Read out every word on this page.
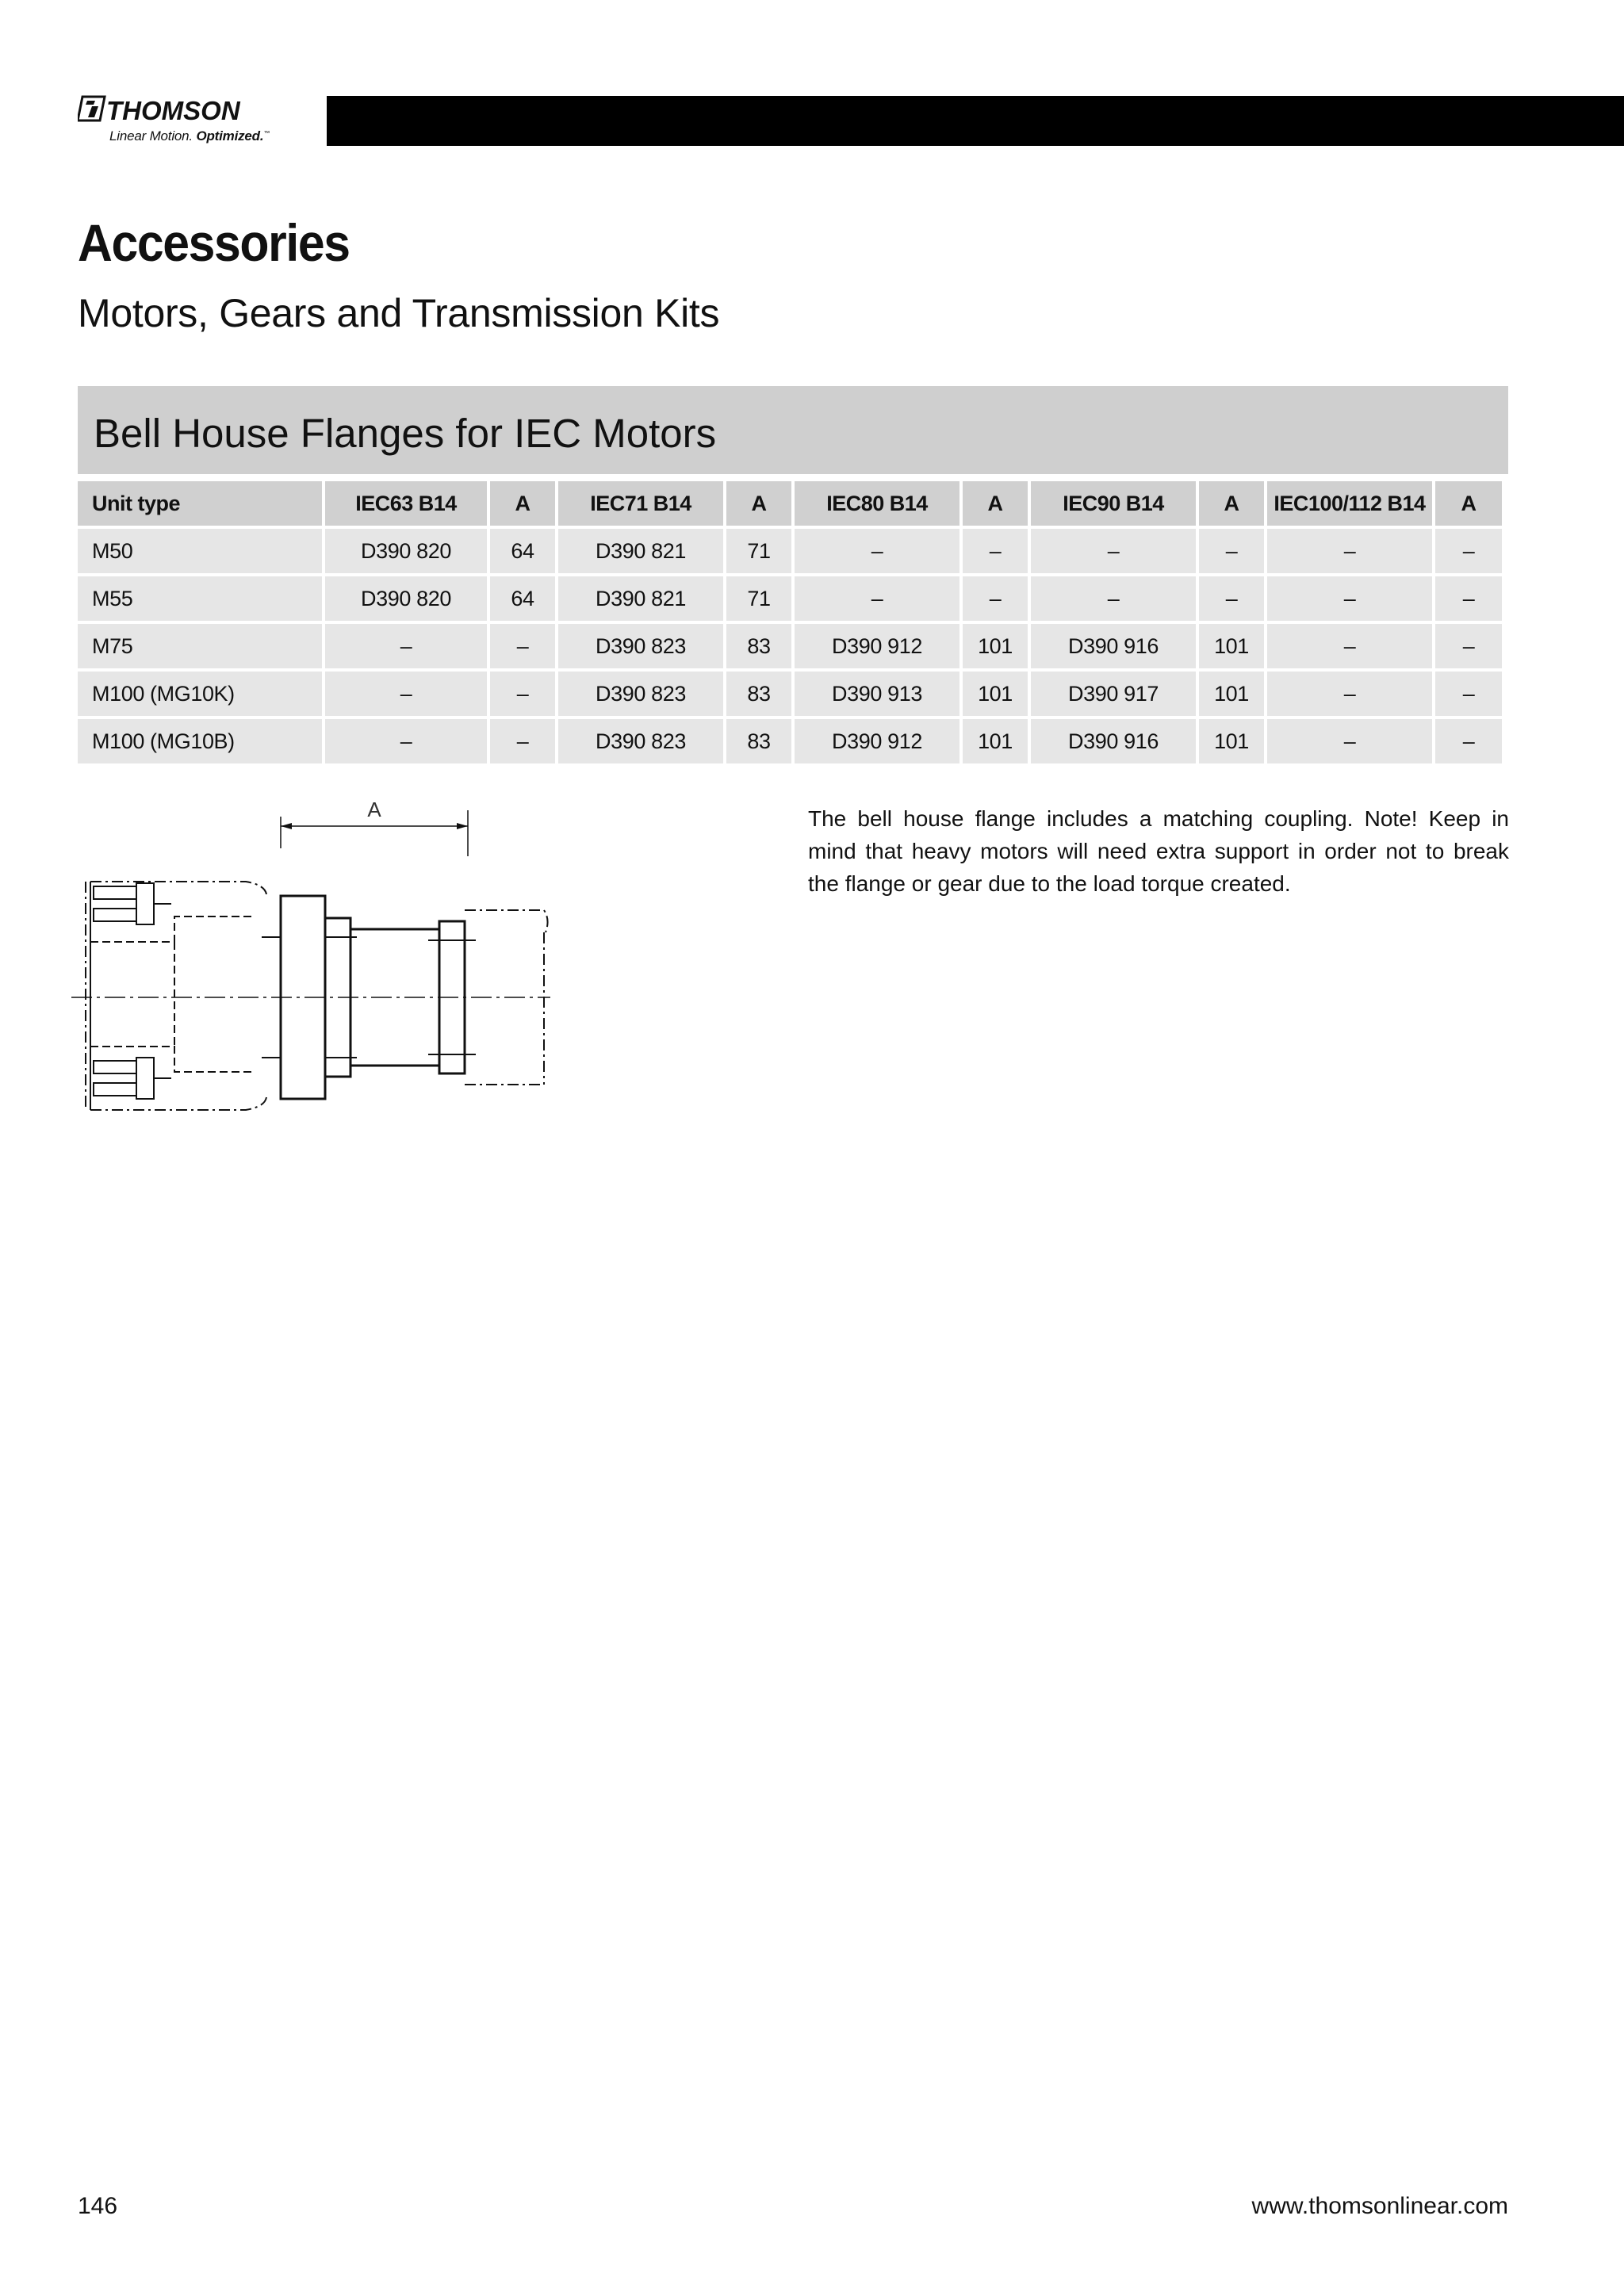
THOMSON
Linear Motion. Optimized.™
Accessories
Motors, Gears and Transmission Kits
Bell House Flanges for IEC Motors
Unit type	IEC63 B14	A	IEC71 B14	A	IEC80 B14	A	IEC90 B14	A	IEC100/112 B14	A
M50	D390 820	64	D390 821	71	–	–	–	–	–	–
M55	D390 820	64	D390 821	71	–	–	–	–	–	–
M75	–	–	D390 823	83	D390 912	101	D390 916	101	–	–
M100 (MG10K)	–	–	D390 823	83	D390 913	101	D390 917	101	–	–
M100 (MG10B)	–	–	D390 823	83	D390 912	101	D390 916	101	–	–
A	The bell house flange includes a matching coupling. Note! Keep in mind that heavy motors will need extra support in order not to break the flange or gear due to the load torque created.

146	www.thomsonlinear.com
